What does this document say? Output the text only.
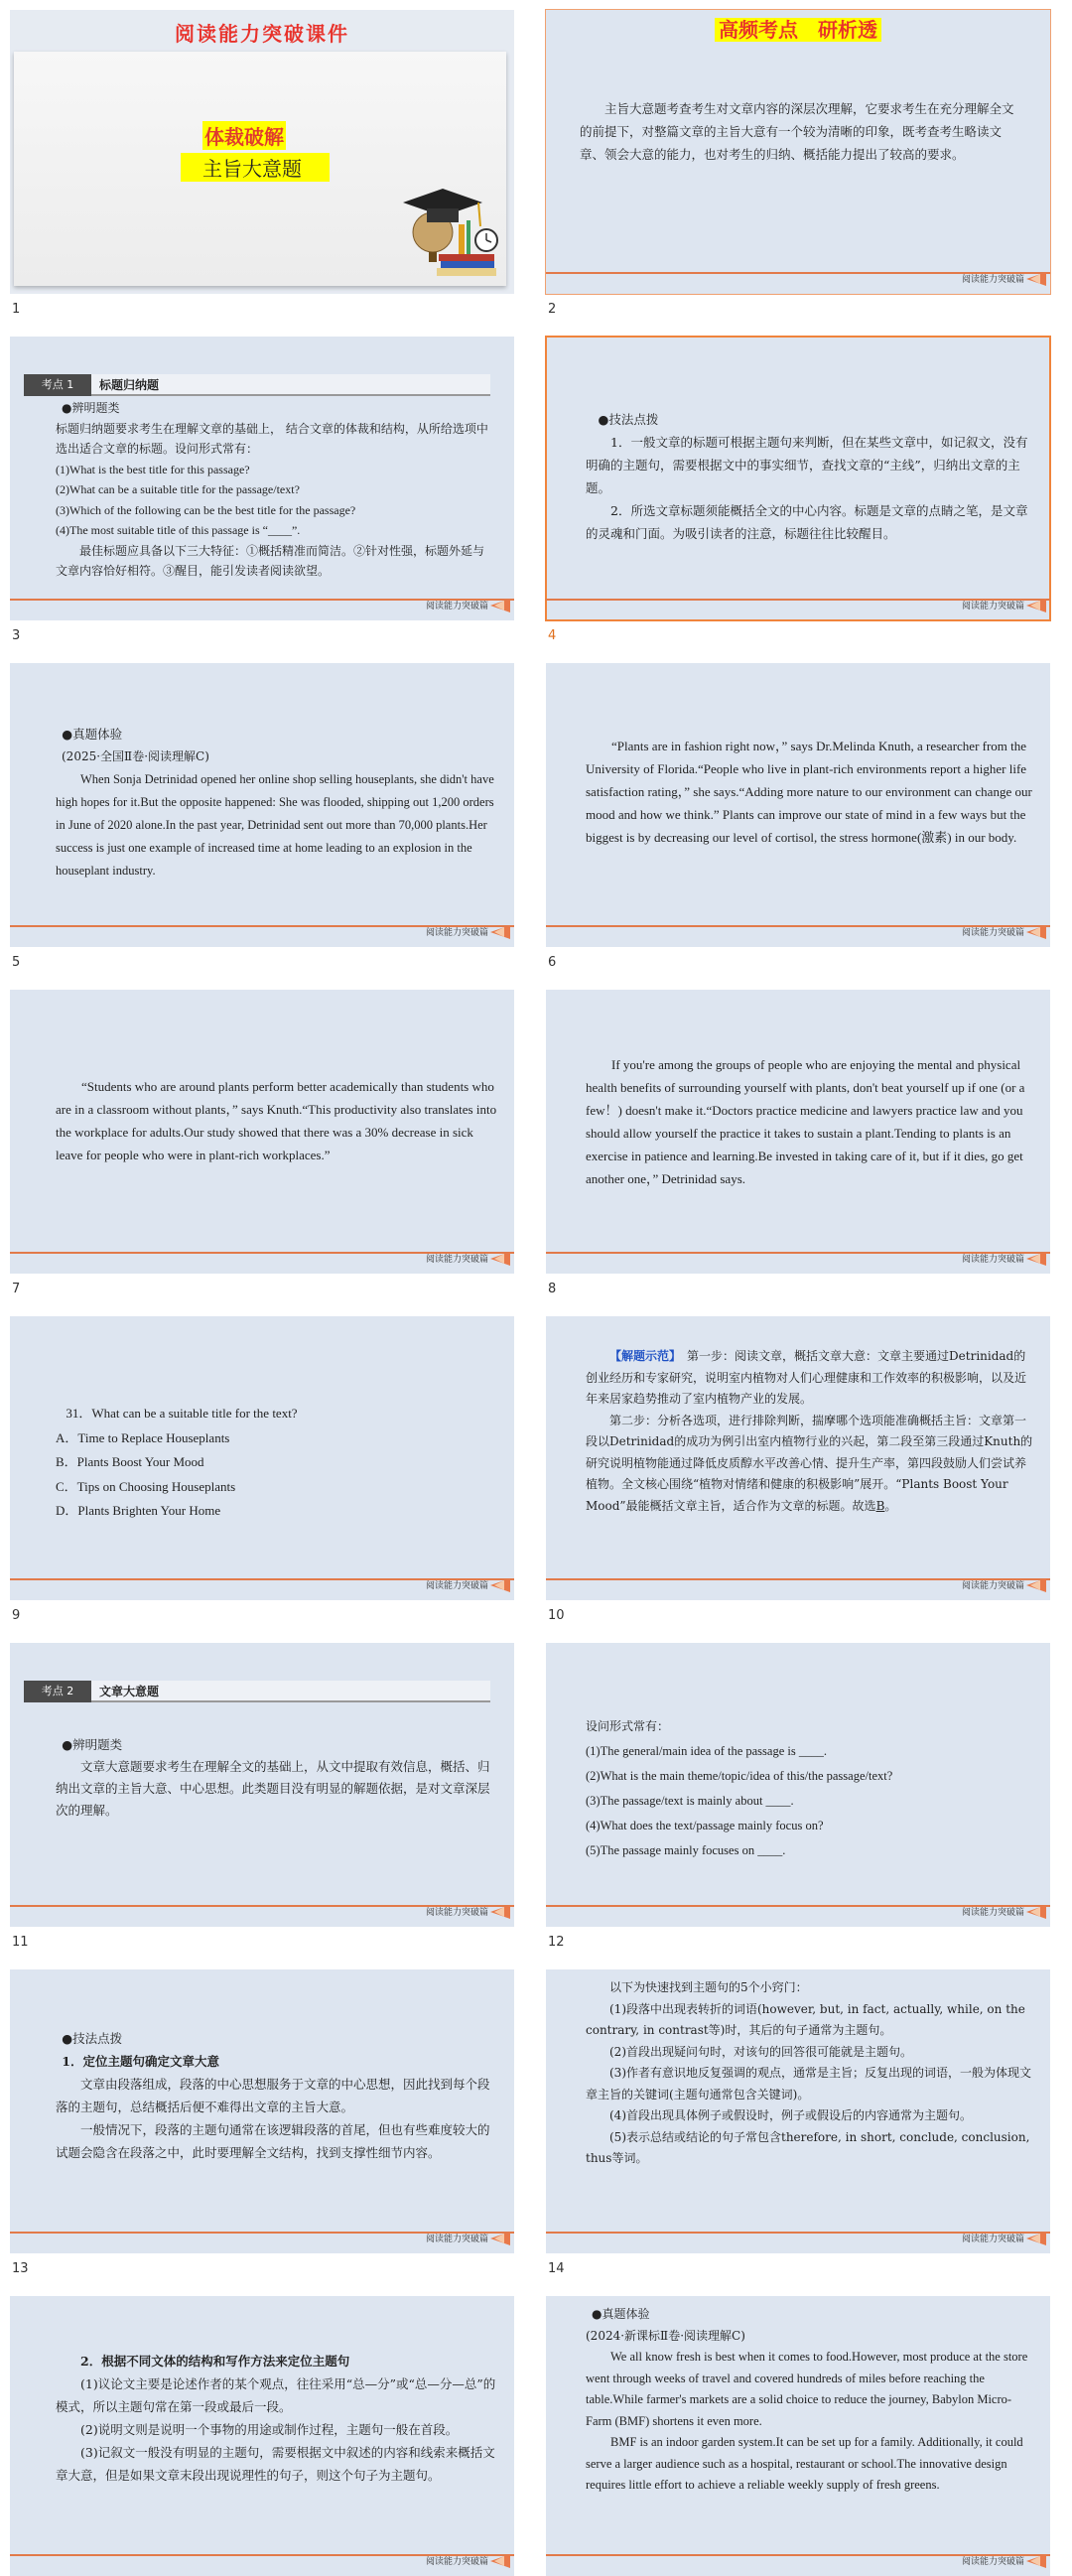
阅读能力突破课件
体裁破解
主旨大意题
1
高频考点　研析透
主旨大意题考查考生对文章内容的深层次理解，它要求考生在充分理解全文的前提下，对整篇文章的主旨大意有一个较为清晰的印象，既考查考生略读文章、领会大意的能力，也对考生的归纳、概括能力提出了较高的要求。
阅读能力突破篇
2
考点 1	标题归纳题

●辨明题类

标题归纳题要求考生在理解文章的基础上， 结合文章的体裁和结构，从所给选项中选出适合文章的标题。设问形式常有：

(1)What is the best title for this passage?

(2)What can be a suitable title for the passage/text?

(3)Which of the following can be the best title for the passage?

(4)The most suitable title of this passage is “____”.

最佳标题应具备以下三大特征：①概括精准而简洁。②针对性强，标题外延与文章内容恰好相符。③醒目，能引发读者阅读欲望。

阅读能力突破篇
3

●技法点拨

1．一般文章的标题可根据主题句来判断，但在某些文章中，如记叙文，没有明确的主题句，需要根据文中的事实细节，查找文章的“主线”，归纳出文章的主题。

2．所选文章标题须能概括全文的中心内容。标题是文章的点睛之笔，是文章的灵魂和门面。为吸引读者的注意，标题往往比较醒目。

阅读能力突破篇
4

●真题体验

(2025·全国Ⅱ卷·阅读理解C)

When Sonja Detrinidad opened her online shop selling houseplants, she didn't have high hopes for it.But the opposite happened: She was flooded, shipping out 1,200 orders in June of 2020 alone.In the past year, Detrinidad sent out more than 70,000 plants.Her success is just one example of increased time at home leading to an explosion in the houseplant industry.

阅读能力突破篇
5
“Plants are in fashion right now，” says Dr.Melinda Knuth, a researcher from the University of Florida.“People who live in plant-rich environments report a higher life satisfaction rating，” she says.“Adding more nature to our environment can change our mood and how we think.” Plants can improve our state of mind in a few ways but the biggest is by decreasing our level of cortisol, the stress hormone(激素) in our body.
阅读能力突破篇
6
“Students who are around plants perform better academically than students who are in a classroom without plants，” says Knuth.“This productivity also translates into the workplace for adults.Our study showed that there was a 30% decrease in sick leave for people who were in plant-rich workplaces.”
阅读能力突破篇
7
If you're among the groups of people who are enjoying the mental and physical health benefits of surrounding yourself with plants, don't beat yourself up if one (or a few！) doesn't make it.“Doctors practice medicine and lawyers practice law and you should allow yourself the practice it takes to sustain a plant.Tending to plants is an exercise in patience and learning.Be invested in taking care of it, but if it dies, go get another one，” Detrinidad says.
阅读能力突破篇
8

31．What can be a suitable title for the text?

A．Time to Replace Houseplants

B．Plants Boost Your Mood

C．Tips on Choosing Houseplants

D．Plants Brighten Your Home

阅读能力突破篇
9

【解题示范】　 第一步：阅读文章，概括文章大意：文章主要通过Detrinidad的创业经历和专家研究，说明室内植物对人们心理健康和工作效率的积极影响，以及近年来居家趋势推动了室内植物产业的发展。

第二步：分析各选项，进行排除判断，揣摩哪个选项能准确概括主旨：文章第一段以Detrinidad的成功为例引出室内植物行业的兴起，第二段至第三段通过Knuth的研究说明植物能通过降低皮质醇水平改善心情、提升生产率，第四段鼓励人们尝试养植物。全文核心围绕“植物对情绪和健康的积极影响”展开。“Plants Boost Your Mood”最能概括文章主旨，适合作为文章的标题。故选B。

阅读能力突破篇
10
考点 2	文章大意题

●辨明题类

文章大意题要求考生在理解全文的基础上，从文中提取有效信息，概括、归纳出文章的主旨大意、中心思想。此类题目没有明显的解题依据，是对文章深层次的理解。

阅读能力突破篇
11

设问形式常有：

(1)The general/main idea of the passage is ____.

(2)What is the main theme/topic/idea of this/the passage/text?

(3)The passage/text is mainly about ____.

(4)What does the text/passage mainly focus on?

(5)The passage mainly focuses on ____.

阅读能力突破篇
12

●技法点拨

1．定位主题句确定文章大意

文章由段落组成，段落的中心思想服务于文章的中心思想，因此找到每个段落的主题句，总结概括后便不难得出文章的主旨大意。

一般情况下，段落的主题句通常在该逻辑段落的首尾，但也有些难度较大的试题会隐含在段落之中，此时要理解全文结构，找到支撑性细节内容。

阅读能力突破篇
13

以下为快速找到主题句的5个小窍门：

(1)段落中出现表转折的词语(however, but, in fact, actually, while, on the contrary, in contrast等)时，其后的句子通常为主题句。

(2)首段出现疑问句时，对该句的回答很可能就是主题句。

(3)作者有意识地反复强调的观点，通常是主旨；反复出现的词语，一般为体现文章主旨的关键词(主题句通常包含关键词)。

(4)首段出现具体例子或假设时，例子或假设后的内容通常为主题句。

(5)表示总结或结论的句子常包含therefore, in short, conclude, conclusion, thus等词。

阅读能力突破篇
14

2．根据不同文体的结构和写作方法来定位主题句

(1)议论文主要是论述作者的某个观点，往往采用“总—分”或“总—分—总”的模式，所以主题句常在第一段或最后一段。

(2)说明文则是说明一个事物的用途或制作过程，主题句一般在首段。

(3)记叙文一般没有明显的主题句，需要根据文中叙述的内容和线索来概括文章大意，但是如果文章末段出现说理性的句子，则这个句子为主题句。

阅读能力突破篇

●真题体验

(2024·新课标Ⅱ卷·阅读理解C)

We all know fresh is best when it comes to food.However, most produce at the store went through weeks of travel and covered hundreds of miles before reaching the table.While farmer's markets are a solid choice to reduce the journey, Babylon Micro-Farm (BMF) shortens it even more.

BMF is an indoor garden system.It can be set up for a family. Additionally, it could serve a larger audience such as a hospital, restaurant or school.The innovative design requires little effort to achieve a reliable weekly supply of fresh greens.

阅读能力突破篇
